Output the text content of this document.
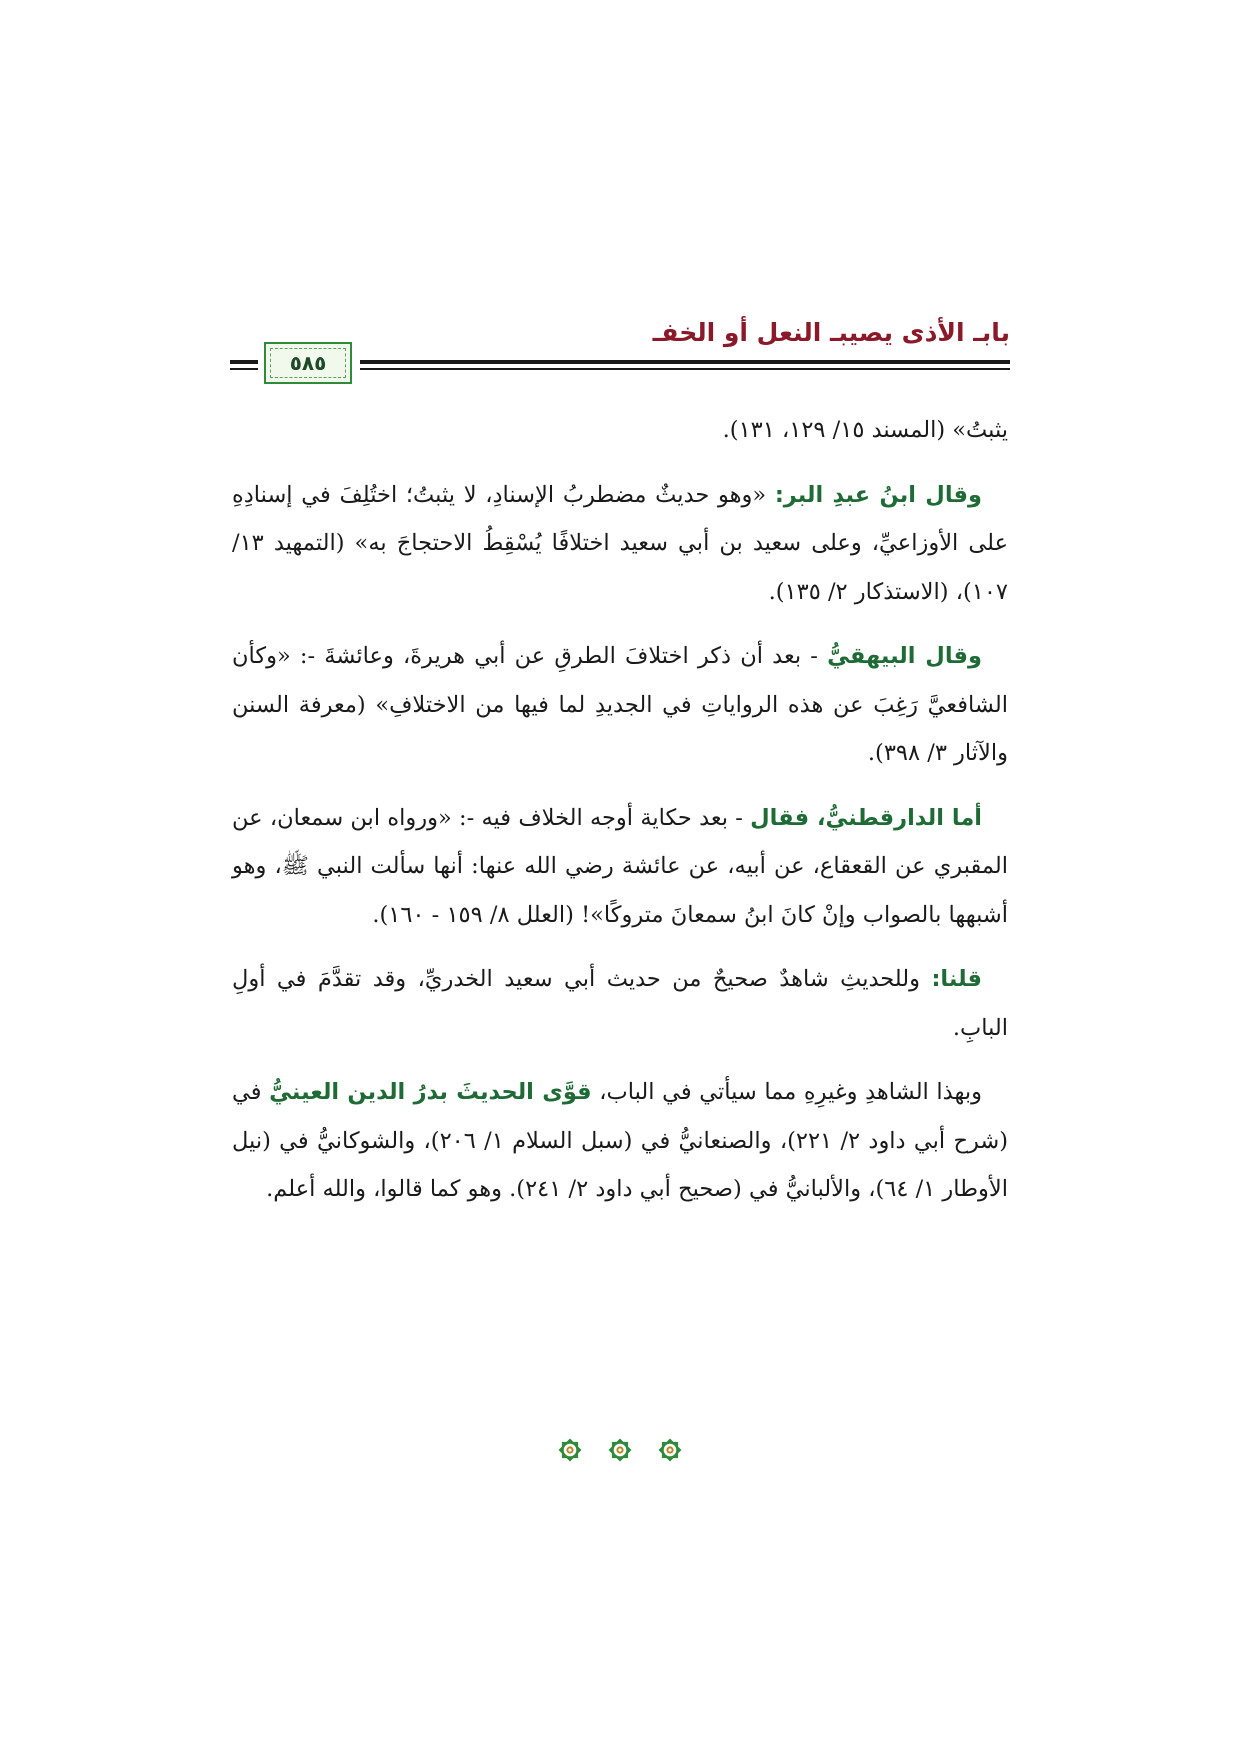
بابـ الأذى يصيبـ النعل أو الخفـ
٥٨٥

يثبتُ» (المسند ١٥/ ١٢٩، ١٣١).

وقال ابنُ عبدِ البر: «وهو حديثٌ مضطربُ الإسنادِ، لا يثبتُ؛ اختُلِفَ في إسنادِهِ على الأوزاعيِّ، وعلى سعيد بن أبي سعيد اختلافًا يُسْقِطُ الاحتجاجَ به» (التمهيد ١٣/ ١٠٧)، (الاستذكار ٢/ ١٣٥).

وقال البيهقيُّ - بعد أن ذكر اختلافَ الطرقِ عن أبي هريرةَ، وعائشةَ -: «وكأن الشافعيَّ رَغِبَ عن هذه الرواياتِ في الجديدِ لما فيها من الاختلافِ» (معرفة السنن والآثار ٣/ ٣٩٨).

أما الدارقطنيُّ، فقال - بعد حكاية أوجه الخلاف فيه -: «ورواه ابن سمعان، عن المقبري عن القعقاع، عن أبيه، عن عائشة رضي الله عنها: أنها سألت النبي ﷺ، وهو أشبهها بالصواب وإنْ كانَ ابنُ سمعانَ متروكًا»! (العلل ٨/ ١٥٩ - ١٦٠).

قلنا: وللحديثِ شاهدٌ صحيحٌ من حديث أبي سعيد الخدريِّ، وقد تقدَّمَ في أولِ البابِ.

وبهذا الشاهدِ وغيرِهِ مما سيأتي في الباب، قوَّى الحديثَ بدرُ الدين العينيُّ في (شرح أبي داود ٢/ ٢٢١)، والصنعانيُّ في (سبل السلام ١/ ٢٠٦)، والشوكانيُّ في (نيل الأوطار ١/ ٦٤)، والألبانيُّ في (صحيح أبي داود ٢/ ٢٤١). وهو كما قالوا، والله أعلم.
